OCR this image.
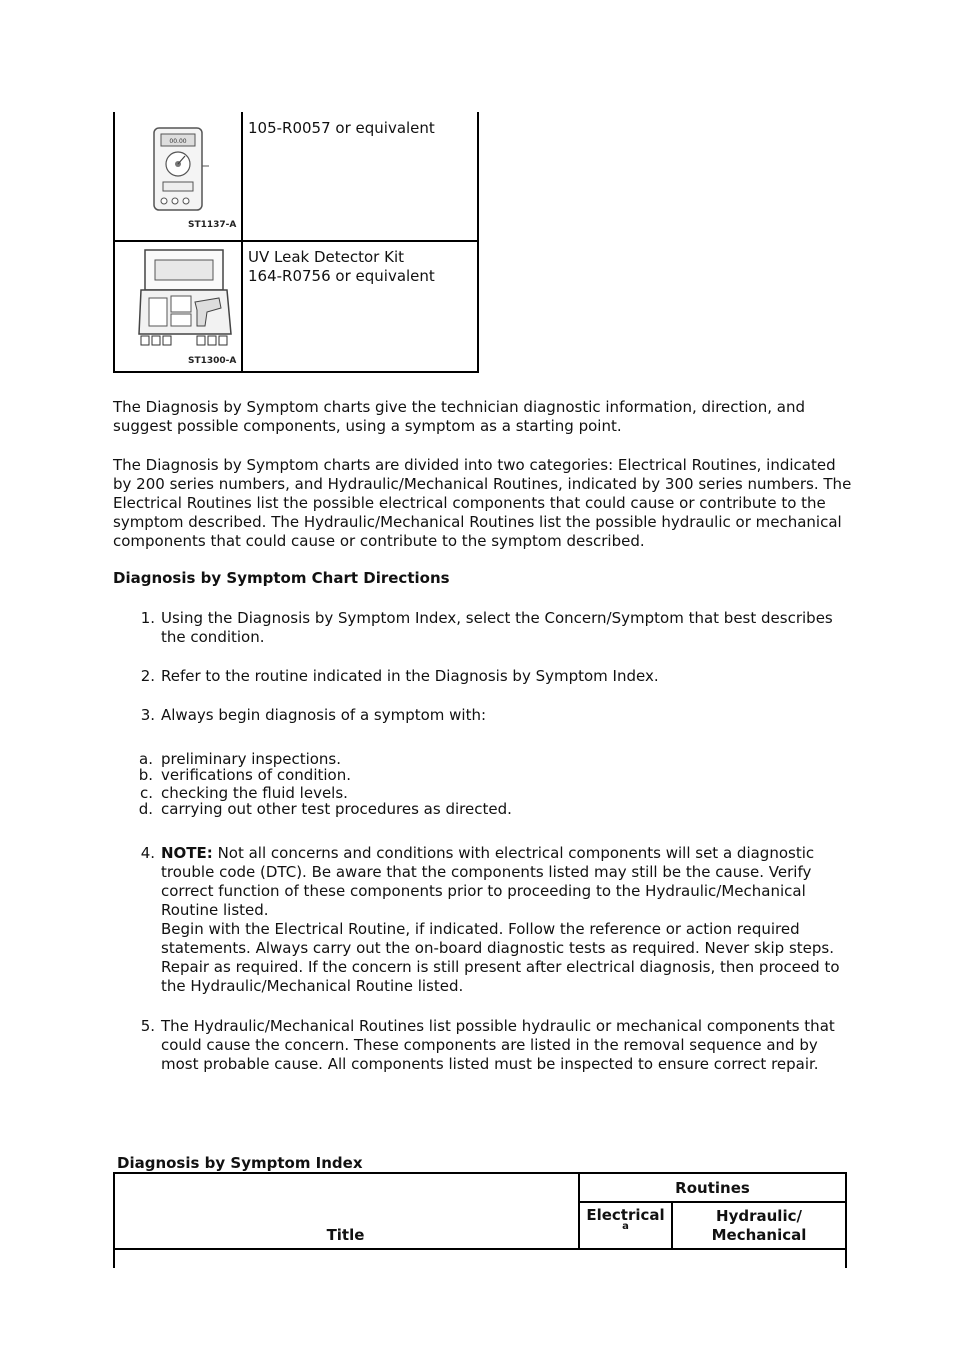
00.00
ST1137-A
105-R0057 or equivalent
ST1300-A
UV Leak Detector Kit
164-R0756 or equivalent
The Diagnosis by Symptom charts give the technician diagnostic information, direction, and suggest possible components, using a symptom as a starting point.
The Diagnosis by Symptom charts are divided into two categories: Electrical Routines, indicated by 200 series numbers, and Hydraulic/Mechanical Routines, indicated by 300 series numbers. The Electrical Routines list the possible electrical components that could cause or contribute to the symptom described. The Hydraulic/Mechanical Routines list the possible hydraulic or mechanical components that could cause or contribute to the symptom described.
Diagnosis by Symptom Chart Directions
1. Using the Diagnosis by Symptom Index, select the Concern/Symptom that best describes the condition.
2. Refer to the routine indicated in the Diagnosis by Symptom Index.
3. Always begin diagnosis of a symptom with:
a. preliminary inspections.
b. verifications of condition.
c. checking the fluid levels.
d. carrying out other test procedures as directed.
4. NOTE: Not all concerns and conditions with electrical components will set a diagnostic trouble code (DTC). Be aware that the components listed may still be the cause. Verify correct function of these components prior to proceeding to the Hydraulic/Mechanical Routine listed.
Begin with the Electrical Routine, if indicated. Follow the reference or action required statements. Always carry out the on-board diagnostic tests as required. Never skip steps. Repair as required. If the concern is still present after electrical diagnosis, then proceed to the Hydraulic/Mechanical Routine listed.
5. The Hydraulic/Mechanical Routines list possible hydraulic or mechanical components that could cause the concern. These components are listed in the removal sequence and by most probable cause. All components listed must be inspected to ensure correct repair.
Diagnosis by Symptom Index
Routines
Title
Electrical
a
Hydraulic/
Mechanical
